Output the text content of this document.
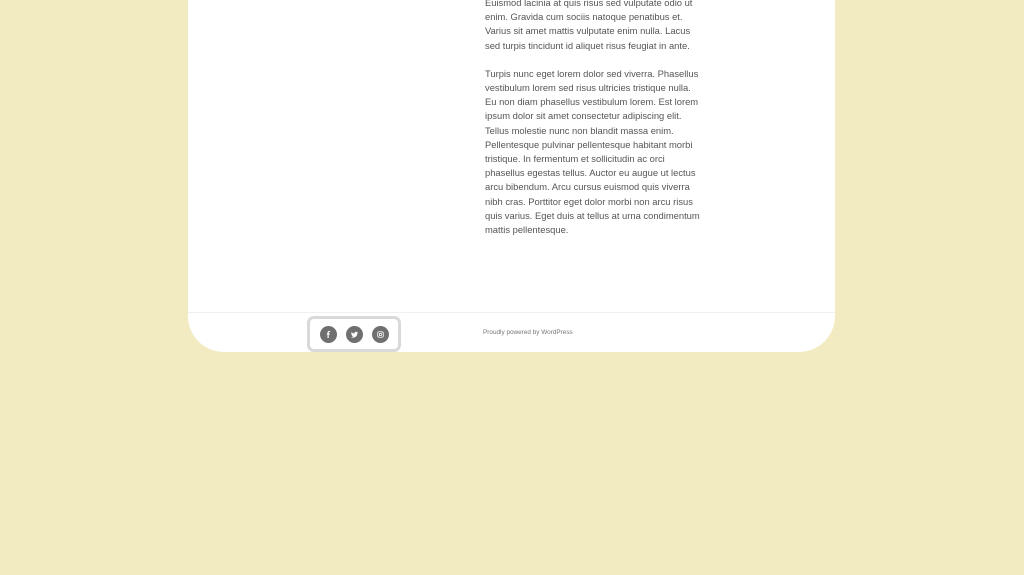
Euismod lacinia at quis risus sed vulputate odio ut enim. Gravida cum sociis natoque penatibus et. Varius sit amet mattis vulputate enim nulla. Lacus sed turpis tincidunt id aliquet risus feugiat in ante.

Turpis nunc eget lorem dolor sed viverra. Phasellus vestibulum lorem sed risus ultricies tristique nulla. Eu non diam phasellus vestibulum lorem. Est lorem ipsum dolor sit amet consectetur adipiscing elit. Tellus molestie nunc non blandit massa enim. Pellentesque pulvinar pellentesque habitant morbi tristique. In fermentum et sollicitudin ac orci phasellus egestas tellus. Auctor eu augue ut lectus arcu bibendum. Arcu cursus euismod quis viverra nibh cras. Porttitor eget dolor morbi non arcu risus quis varius. Eget duis at tellus at urna condimentum mattis pellentesque.

Proudly powered by WordPress
